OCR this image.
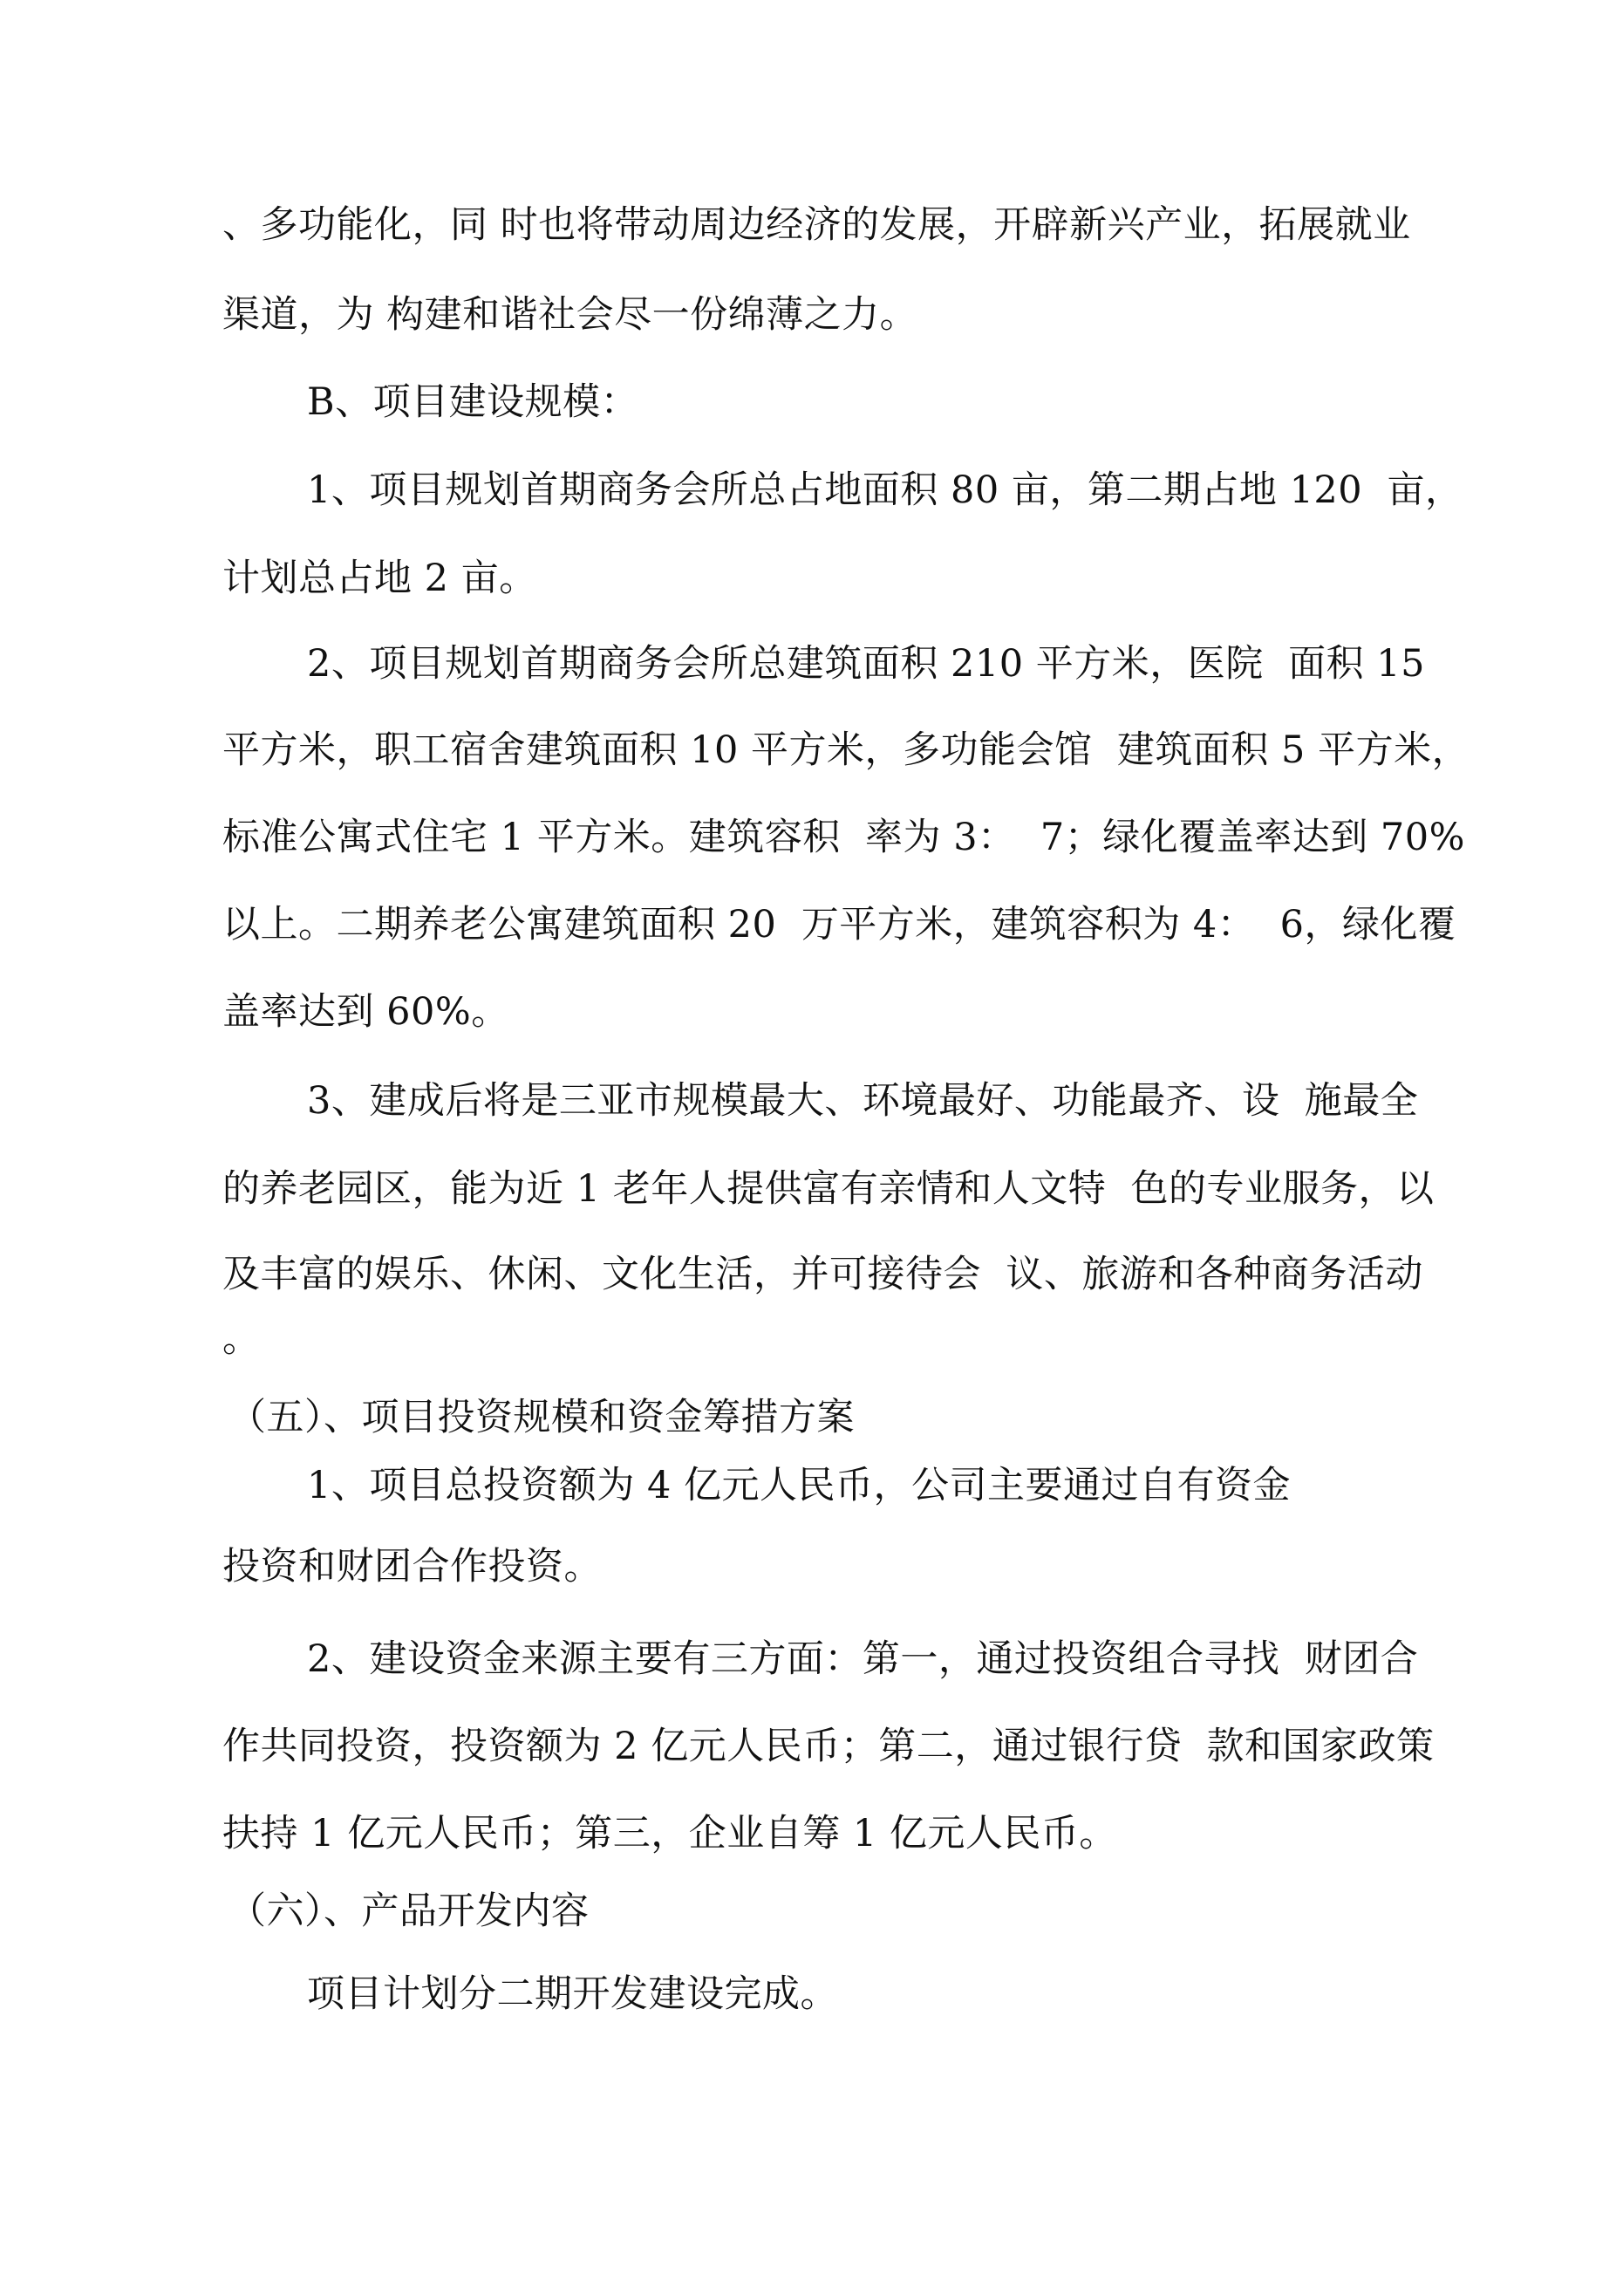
、多功能化，同 时也将带动周边经济的发展，开辟新兴产业，拓展就业
渠道，为 构建和谐社会尽一份绵薄之力。
B、项目建设规模：
1、项目规划首期商务会所总占地面积 80 亩，第二期占地 120  亩，
计划总占地 2 亩。
2、项目规划首期商务会所总建筑面积 210 平方米，医院  面积 15
平方米，职工宿舍建筑面积 10 平方米，多功能会馆  建筑面积 5 平方米，
标准公寓式住宅 1 平方米。建筑容积  率为 3：  7；绿化覆盖率达到 70%
以上。二期养老公寓建筑面积 20  万平方米，建筑容积为 4：  6，绿化覆
盖率达到 60%。
3、建成后将是三亚市规模最大、环境最好、功能最齐、设  施最全
的养老园区，能为近 1 老年人提供富有亲情和人文特  色的专业服务，以
及丰富的娱乐、休闲、文化生活，并可接待会  议、旅游和各种商务活动
。
（五）、项目投资规模和资金筹措方案
1、项目总投资额为 4 亿元人民币，公司主要通过自有资金
投资和财团合作投资。
2、建设资金来源主要有三方面：第一，通过投资组合寻找  财团合
作共同投资，投资额为 2 亿元人民币；第二，通过银行贷  款和国家政策
扶持 1 亿元人民币；第三，企业自筹 1 亿元人民币。
（六）、产品开发内容
项目计划分二期开发建设完成。
